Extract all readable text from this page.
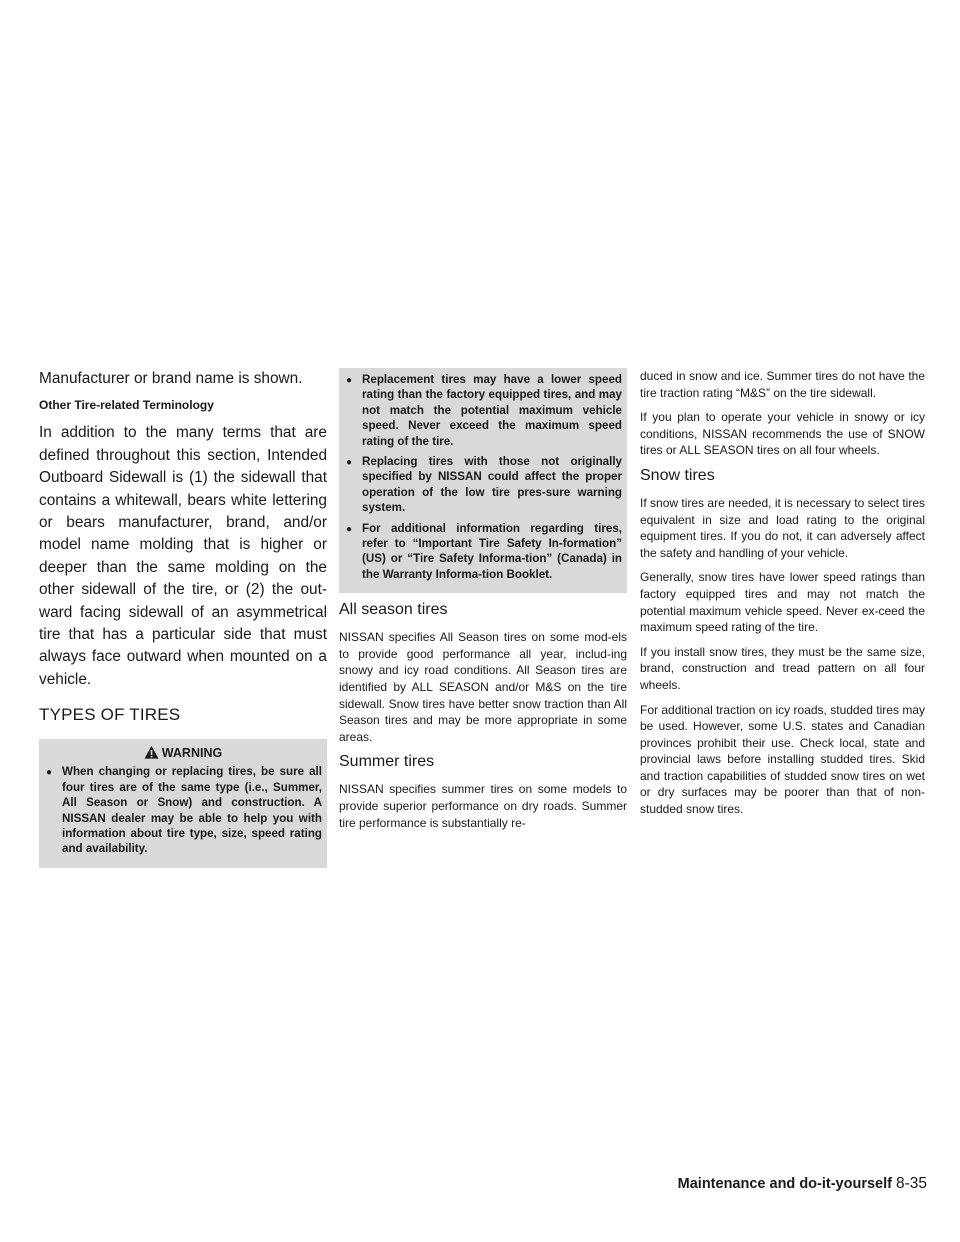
Manufacturer or brand name is shown.

Other Tire-related Terminology

In addition to the many terms that are defined throughout this section, Intended Outboard Sidewall is (1) the sidewall that contains a whitewall, bears white lettering or bears manufacturer, brand, and/or model name molding that is higher or deeper than the same molding on the other sidewall of the tire, or (2) the out-ward facing sidewall of an asymmetrical tire that has a particular side that must always face outward when mounted on a vehicle.

TYPES OF TIRES
WARNING
● When changing or replacing tires, be sure all four tires are of the same type (i.e., Summer, All Season or Snow) and construction. A NISSAN dealer may be able to help you with information about tire type, size, speed rating and availability.
● Replacement tires may have a lower speed rating than the factory equipped tires, and may not match the potential maximum vehicle speed. Never exceed the maximum speed rating of the tire.
● Replacing tires with those not originally specified by NISSAN could affect the proper operation of the low tire pres-sure warning system.
● For additional information regarding tires, refer to “Important Tire Safety In-formation” (US) or “Tire Safety Informa-tion” (Canada) in the Warranty Informa-tion Booklet.
All season tires

NISSAN specifies All Season tires on some mod-els to provide good performance all year, includ-ing snowy and icy road conditions. All Season tires are identified by ALL SEASON and/or M&S on the tire sidewall. Snow tires have better snow traction than All Season tires and may be more appropriate in some areas.

Summer tires

NISSAN specifies summer tires on some models to provide superior performance on dry roads. Summer tire performance is substantially re-

duced in snow and ice. Summer tires do not have the tire traction rating “M&S” on the tire sidewall.

If you plan to operate your vehicle in snowy or icy conditions, NISSAN recommends the use of SNOW tires or ALL SEASON tires on all four wheels.

Snow tires

If snow tires are needed, it is necessary to select tires equivalent in size and load rating to the original equipment tires. If you do not, it can adversely affect the safety and handling of your vehicle.

Generally, snow tires have lower speed ratings than factory equipped tires and may not match the potential maximum vehicle speed. Never ex-ceed the maximum speed rating of the tire.

If you install snow tires, they must be the same size, brand, construction and tread pattern on all four wheels.

For additional traction on icy roads, studded tires may be used. However, some U.S. states and Canadian provinces prohibit their use. Check local, state and provincial laws before installing studded tires. Skid and traction capabilities of studded snow tires on wet or dry surfaces may be poorer than that of non-studded snow tires.

Maintenance and do-it-yourself 8-35
